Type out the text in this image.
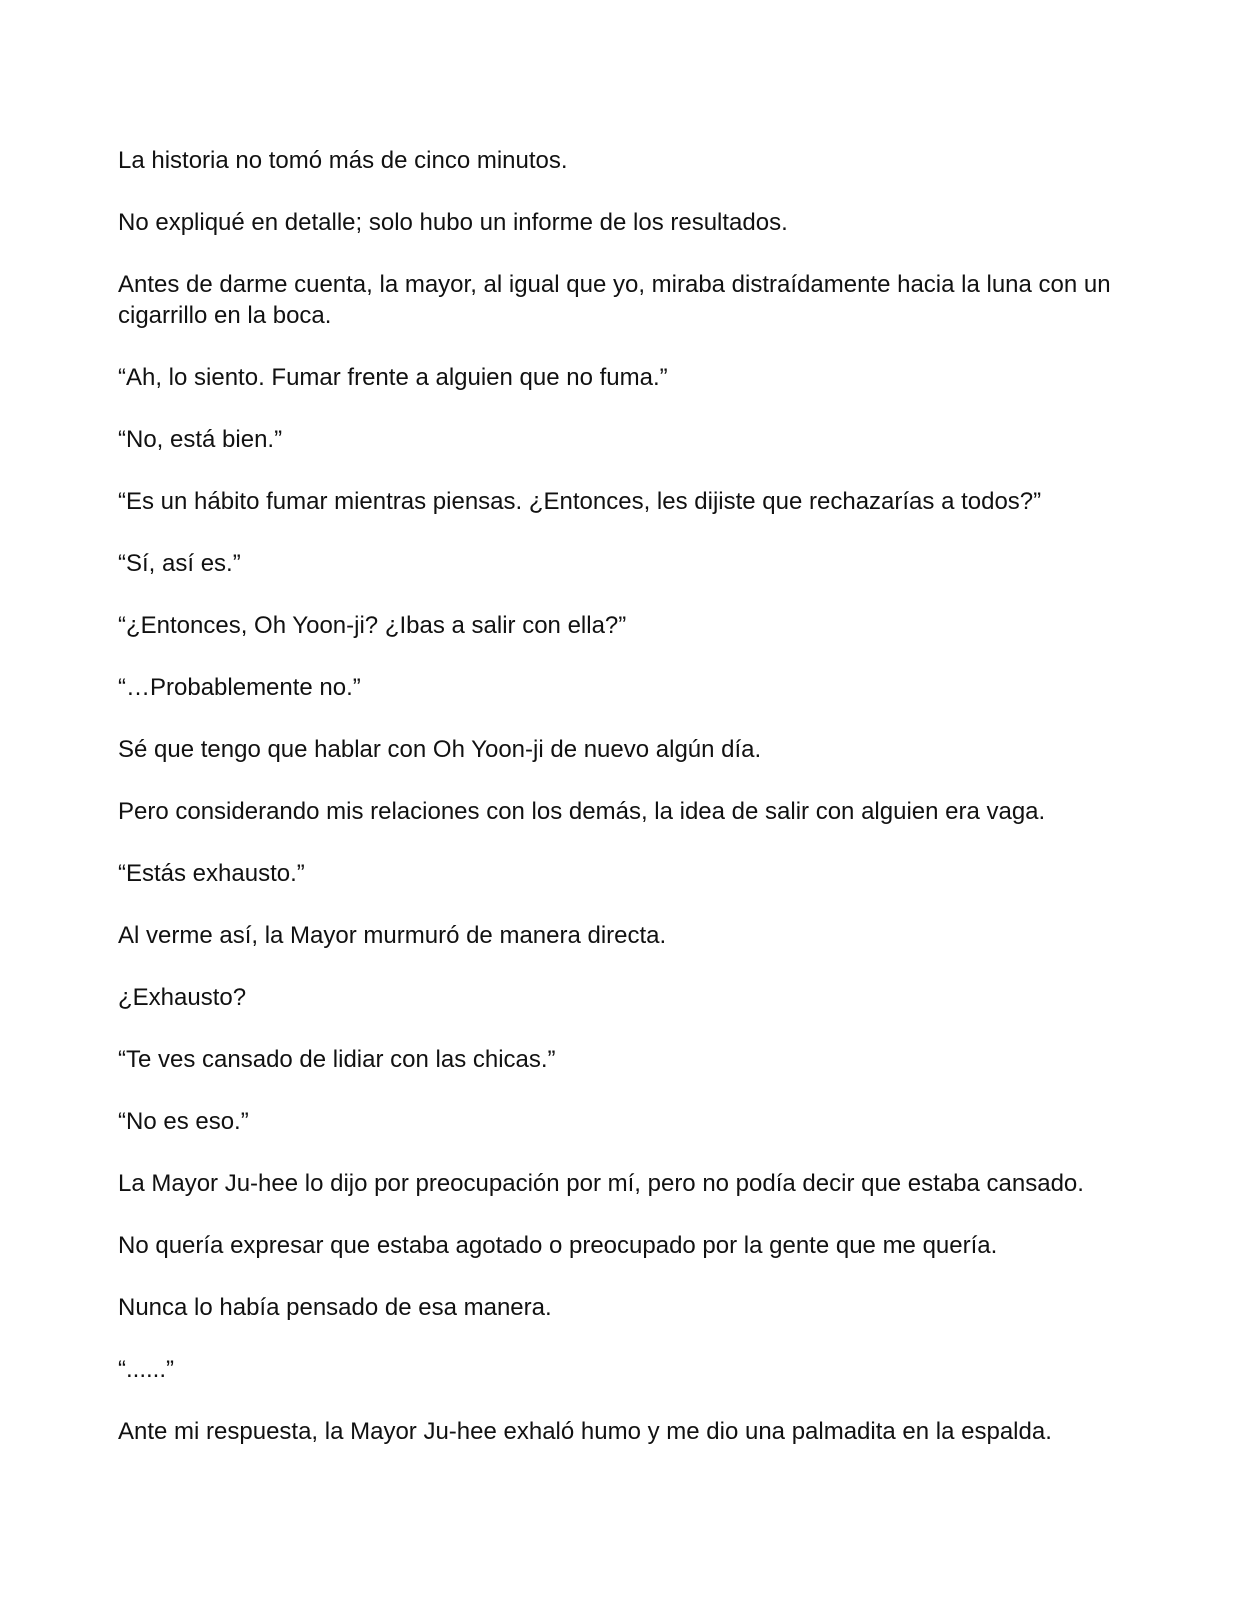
La historia no tomó más de cinco minutos.

No expliqué en detalle; solo hubo un informe de los resultados.

Antes de darme cuenta, la mayor, al igual que yo, miraba distraídamente hacia la luna con un cigarrillo en la boca.

“Ah, lo siento. Fumar frente a alguien que no fuma.”

“No, está bien.”

“Es un hábito fumar mientras piensas. ¿Entonces, les dijiste que rechazarías a todos?”

“Sí, así es.”

“¿Entonces, Oh Yoon-ji? ¿Ibas a salir con ella?”

“…Probablemente no.”

Sé que tengo que hablar con Oh Yoon-ji de nuevo algún día.

Pero considerando mis relaciones con los demás, la idea de salir con alguien era vaga.

“Estás exhausto.”

Al verme así, la Mayor murmuró de manera directa.

¿Exhausto?

“Te ves cansado de lidiar con las chicas.”

“No es eso.”

La Mayor Ju-hee lo dijo por preocupación por mí, pero no podía decir que estaba cansado.

No quería expresar que estaba agotado o preocupado por la gente que me quería.

Nunca lo había pensado de esa manera.

“......”

Ante mi respuesta, la Mayor Ju-hee exhaló humo y me dio una palmadita en la espalda.
